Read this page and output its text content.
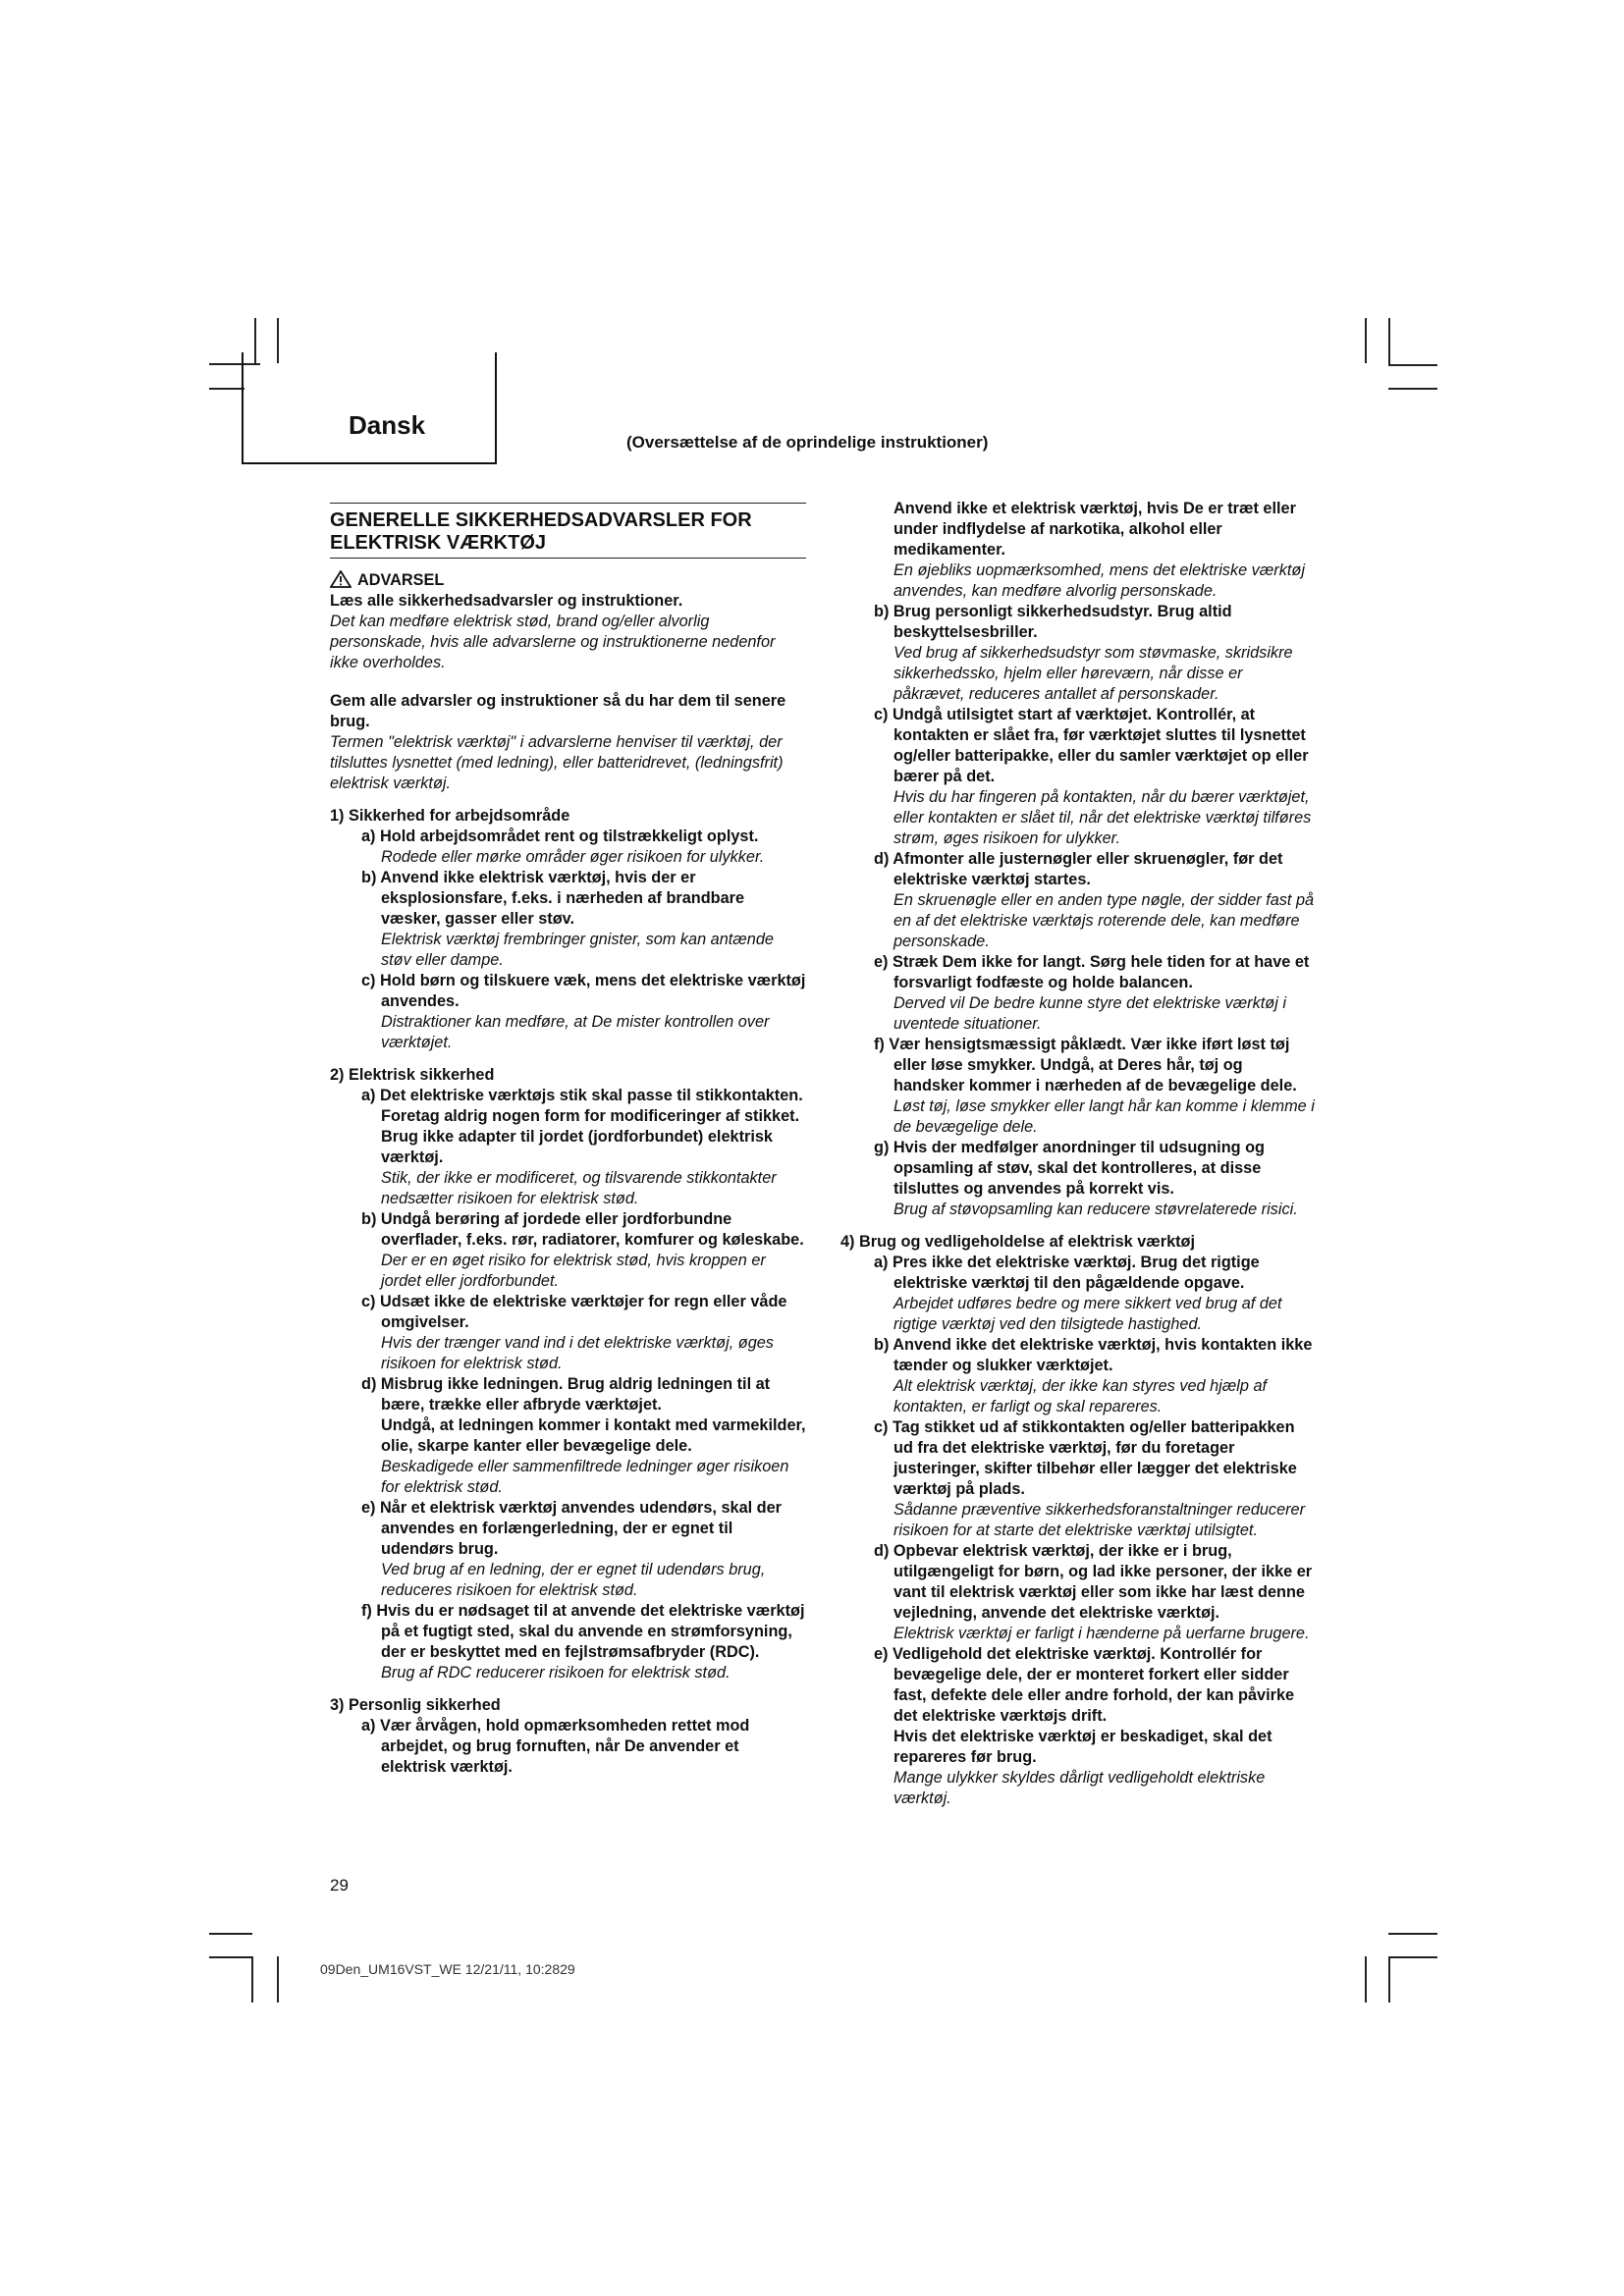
Dansk
(Oversættelse af de oprindelige instruktioner)

GENERELLE SIKKERHEDSADVARSLER FOR

ELEKTRISK VÆRKTØJ

ADVARSEL

Læs alle sikkerhedsadvarsler og instruktioner.

Det kan medføre elektrisk stød, brand og/eller alvorlig personskade, hvis alle advarslerne og instruktionerne nedenfor ikke overholdes.

Gem alle advarsler og instruktioner så du har dem til senere brug.

Termen "elektrisk værktøj" i advarslerne henviser til værktøj, der tilsluttes lysnettet (med ledning), eller batteridrevet, (ledningsfrit) elektrisk værktøj.

1) Sikkerhed for arbejdsområde

a) Hold arbejdsområdet rent og tilstrækkeligt oplyst.

Rodede eller mørke områder øger risikoen for ulykker.

b) Anvend ikke elektrisk værktøj, hvis der er eksplosionsfare, f.eks. i nærheden af brandbare væsker, gasser eller støv.

Elektrisk værktøj frembringer gnister, som kan antænde støv eller dampe.

c) Hold børn og tilskuere væk, mens det elektriske værktøj anvendes.

Distraktioner kan medføre, at De mister kontrollen over værktøjet.

2) Elektrisk sikkerhed

a) Det elektriske værktøjs stik skal passe til stikkontakten.

Foretag aldrig nogen form for modificeringer af stikket.

Brug ikke adapter til jordet (jordforbundet) elektrisk værktøj.

Stik, der ikke er modificeret, og tilsvarende stikkontakter nedsætter risikoen for elektrisk stød.

b) Undgå berøring af jordede eller jordforbundne overflader, f.eks. rør, radiatorer, komfurer og køleskabe.

Der er en øget risiko for elektrisk stød, hvis kroppen er jordet eller jordforbundet.

c) Udsæt ikke de elektriske værktøjer for regn eller våde omgivelser.

Hvis der trænger vand ind i det elektriske værktøj, øges risikoen for elektrisk stød.

d) Misbrug ikke ledningen. Brug aldrig ledningen til at bære, trække eller afbryde værktøjet.

Undgå, at ledningen kommer i kontakt med varmekilder, olie, skarpe kanter eller bevægelige dele.

Beskadigede eller sammenfiltrede ledninger øger risikoen for elektrisk stød.

e) Når et elektrisk værktøj anvendes udendørs, skal der anvendes en forlængerledning, der er egnet til udendørs brug.

Ved brug af en ledning, der er egnet til udendørs brug, reduceres risikoen for elektrisk stød.

f) Hvis du er nødsaget til at anvende det elektriske værktøj på et fugtigt sted, skal du anvende en strømforsyning, der er beskyttet med en fejlstrømsafbryder (RDC).

Brug af RDC reducerer risikoen for elektrisk stød.

3) Personlig sikkerhed

a) Vær årvågen, hold opmærksomheden rettet mod arbejdet, og brug fornuften, når De anvender et elektrisk værktøj.

Anvend ikke et elektrisk værktøj, hvis De er træt eller under indflydelse af narkotika, alkohol eller medikamenter.

En øjebliks uopmærksomhed, mens det elektriske værktøj anvendes, kan medføre alvorlig personskade.

b) Brug personligt sikkerhedsudstyr. Brug altid beskyttelsesbriller.

Ved brug af sikkerhedsudstyr som støvmaske, skridsikre sikkerhedssko, hjelm eller høreværn, når disse er påkrævet, reduceres antallet af personskader.

c) Undgå utilsigtet start af værktøjet. Kontrollér, at kontakten er slået fra, før værktøjet sluttes til lysnettet og/eller batteripakke, eller du samler værktøjet op eller bærer på det.

Hvis du har fingeren på kontakten, når du bærer værktøjet, eller kontakten er slået til, når det elektriske værktøj tilføres strøm, øges risikoen for ulykker.

d) Afmonter alle justernøgler eller skruenøgler, før det elektriske værktøj startes.

En skruenøgle eller en anden type nøgle, der sidder fast på en af det elektriske værktøjs roterende dele, kan medføre personskade.

e) Stræk Dem ikke for langt. Sørg hele tiden for at have et forsvarligt fodfæste og holde balancen.

Derved vil De bedre kunne styre det elektriske værktøj i uventede situationer.

f) Vær hensigtsmæssigt påklædt. Vær ikke iført løst tøj eller løse smykker. Undgå, at Deres hår, tøj og handsker kommer i nærheden af de bevægelige dele.

Løst tøj, løse smykker eller langt hår kan komme i klemme i de bevægelige dele.

g) Hvis der medfølger anordninger til udsugning og opsamling af støv, skal det kontrolleres, at disse tilsluttes og anvendes på korrekt vis.

Brug af støvopsamling kan reducere støvrelaterede risici.

4) Brug og vedligeholdelse af elektrisk værktøj

a) Pres ikke det elektriske værktøj. Brug det rigtige elektriske værktøj til den pågældende opgave.

Arbejdet udføres bedre og mere sikkert ved brug af det rigtige værktøj ved den tilsigtede hastighed.

b) Anvend ikke det elektriske værktøj, hvis kontakten ikke tænder og slukker værktøjet.

Alt elektrisk værktøj, der ikke kan styres ved hjælp af kontakten, er farligt og skal repareres.

c) Tag stikket ud af stikkontakten og/eller batteripakken ud fra det elektriske værktøj, før du foretager justeringer, skifter tilbehør eller lægger det elektriske værktøj på plads.

Sådanne præventive sikkerhedsforanstaltninger reducerer risikoen for at starte det elektriske værktøj utilsigtet.

d) Opbevar elektrisk værktøj, der ikke er i brug, utilgængeligt for børn, og lad ikke personer, der ikke er vant til elektrisk værktøj eller som ikke har læst denne vejledning, anvende det elektriske værktøj.

Elektrisk værktøj er farligt i hænderne på uerfarne brugere.

e) Vedligehold det elektriske værktøj. Kontrollér for bevægelige dele, der er monteret forkert eller sidder fast, defekte dele eller andre forhold, der kan påvirke det elektriske værktøjs drift.

Hvis det elektriske værktøj er beskadiget, skal det repareres før brug.

Mange ulykker skyldes dårligt vedligeholdt elektriske værktøj.

29
09Den_UM16VST_WE 12/21/11, 10:2829
